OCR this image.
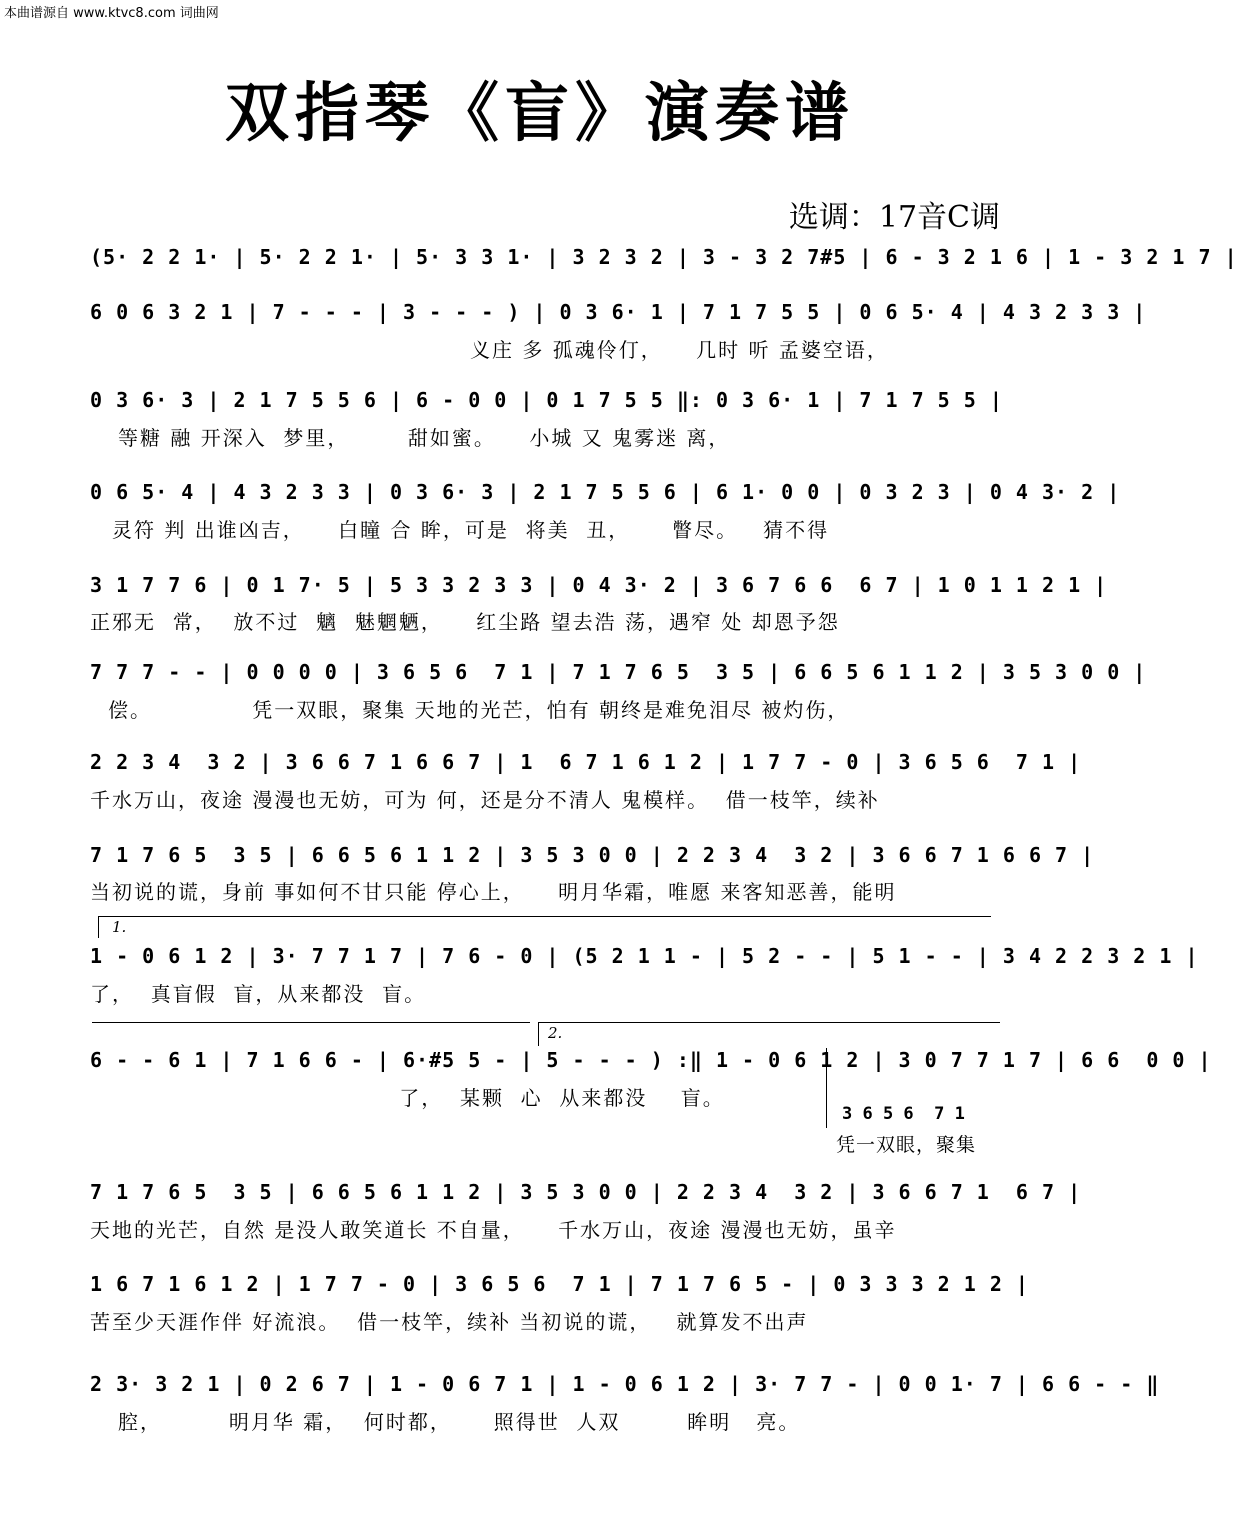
本曲谱源自 www.ktvc8.com 词曲网
双指琴《盲》演奏谱
选调：17音C调
(5· 2 2 1· | 5· 2 2 1· | 5· 3 3 1· | 3 2 3 2 | 3 - 3 2 7#5 | 6 - 3 2 1 6 | 1 - 3 2 1 7 |
6 0 6 3 2 1 | 7 - - - | 3 - - - ) | 0 3 6· 1 | 7 1 7 5 5 | 0 6 5· 4 | 4 3 2 3 3 |
义庄 多 孤魂伶仃，    几时 听 孟婆空语，
0 3 6· 3 | 2 1 7 5 5 6 | 6 - 0 0 | 0 1 7 5 5 ‖: 0 3 6· 1 | 7 1 7 5 5 |
等糖 融 开深入  梦里，       甜如蜜。    小城 又 鬼雾迷 离，
0 6 5· 4 | 4 3 2 3 3 | 0 3 6· 3 | 2 1 7 5 5 6 | 6 1· 0 0 | 0 3 2 3 | 0 4 3· 2 |
灵符 判 出谁凶吉，    白瞳 合 眸，可是  将美  丑，     瞥尽。   猜不得
3 1 7 7 6 | 0 1 7· 5 | 5 3 3 2 3 3 | 0 4 3· 2 | 3 6 7 6 6  6 7 | 1 0 1 1 2 1 |
正邪无  常，  放不过  魑  魅魍魉，    红尘路 望去浩 荡，遇窄 处 却恩予怨
7 7 7 - - | 0 0 0 0 | 3 6 5 6  7 1 | 7 1 7 6 5  3 5 | 6 6 5 6 1 1 2 | 3 5 3 0 0 |
偿。            凭一双眼，聚集 天地的光芒，怕有 朝终是难免泪尽 被灼伤，
2 2 3 4  3 2 | 3 6 6 7 1 6 6 7 | 1  6 7 1 6 1 2 | 1 7 7 - 0 | 3 6 5 6  7 1 |
千水万山，夜途 漫漫也无妨，可为 何，还是分不清人 鬼模样。  借一枝竿，续补
7 1 7 6 5  3 5 | 6 6 5 6 1 1 2 | 3 5 3 0 0 | 2 2 3 4  3 2 | 3 6 6 7 1 6 6 7 |
当初说的谎，身前 事如何不甘只能 停心上，    明月华霜，唯愿 来客知恶善，能明
1.
1 - 0 6 1 2 | 3· 7 7 1 7 | 7 6 - 0 | (5 2 1 1 - | 5 2 - - | 5 1 - - | 3 4 2 2 3 2 1 |
了，  真盲假  盲，从来都没  盲。
2.
6 - - 6 1 | 7 1 6 6 - | 6·#5 5 - | 5 - - - ) :‖ 1 - 0 6 1 2 | 3 0 7 7 1 7 | 6 6  0 0 |
了，  某颗  心  从来都没    盲。
3 6 5 6  7 1
凭一双眼，聚集
7 1 7 6 5  3 5 | 6 6 5 6 1 1 2 | 3 5 3 0 0 | 2 2 3 4  3 2 | 3 6 6 7 1  6 7 |
天地的光芒，自然 是没人敢笑道长 不自量，    千水万山，夜途 漫漫也无妨，虽辛
1 6 7 1 6 1 2 | 1 7 7 - 0 | 3 6 5 6  7 1 | 7 1 7 6 5 - | 0 3 3 3 2 1 2 |
苦至少天涯作伴 好流浪。  借一枝竿，续补 当初说的谎，   就算发不出声
2 3· 3 2 1 | 0 2 6 7 | 1 - 0 6 7 1 | 1 - 0 6 1 2 | 3· 7 7 - | 0 0 1· 7 | 6 6 - - ‖
腔，        明月华 霜，  何时都，     照得世  人双        眸明   亮。
